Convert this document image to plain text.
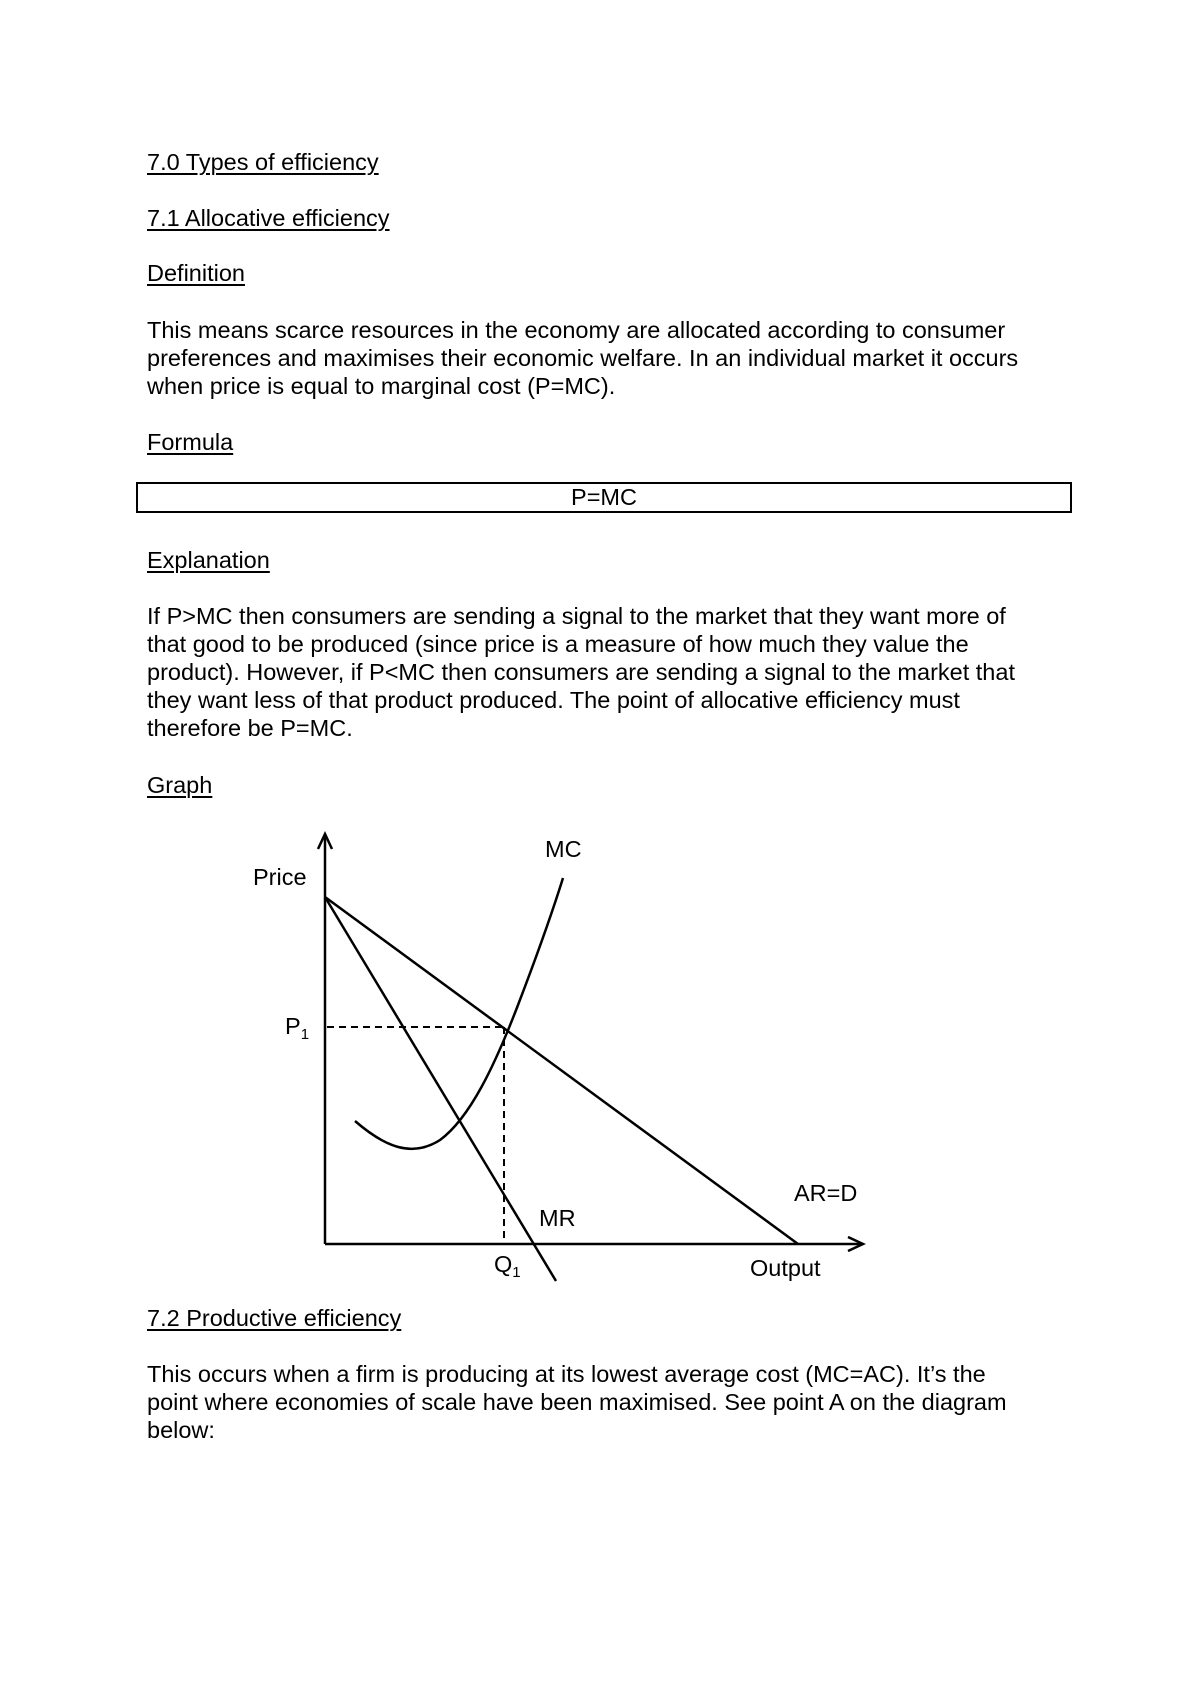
7.0 Types of efficiency

7.1 Allocative efficiency

Definition

This means scarce resources in the economy are allocated according to consumer
preferences and maximises their economic welfare. In an individual market it occurs
when price is equal to marginal cost (P=MC).

Formula

P=MC

Explanation

If P>MC then consumers are sending a signal to the market that they want more of
that good to be produced (since price is a measure of how much they value the
product). However, if P<MC then consumers are sending a signal to the market that
they want less of that product produced. The point of allocative efficiency must
therefore be P=MC.

Graph

Price
MC
$P_1$
MR
AR=D
$Q_1$	Output

7.2 Productive efficiency

This occurs when a firm is producing at its lowest average cost (MC=AC). It’s the
point where economies of scale have been maximised. See point A on the diagram
below:
